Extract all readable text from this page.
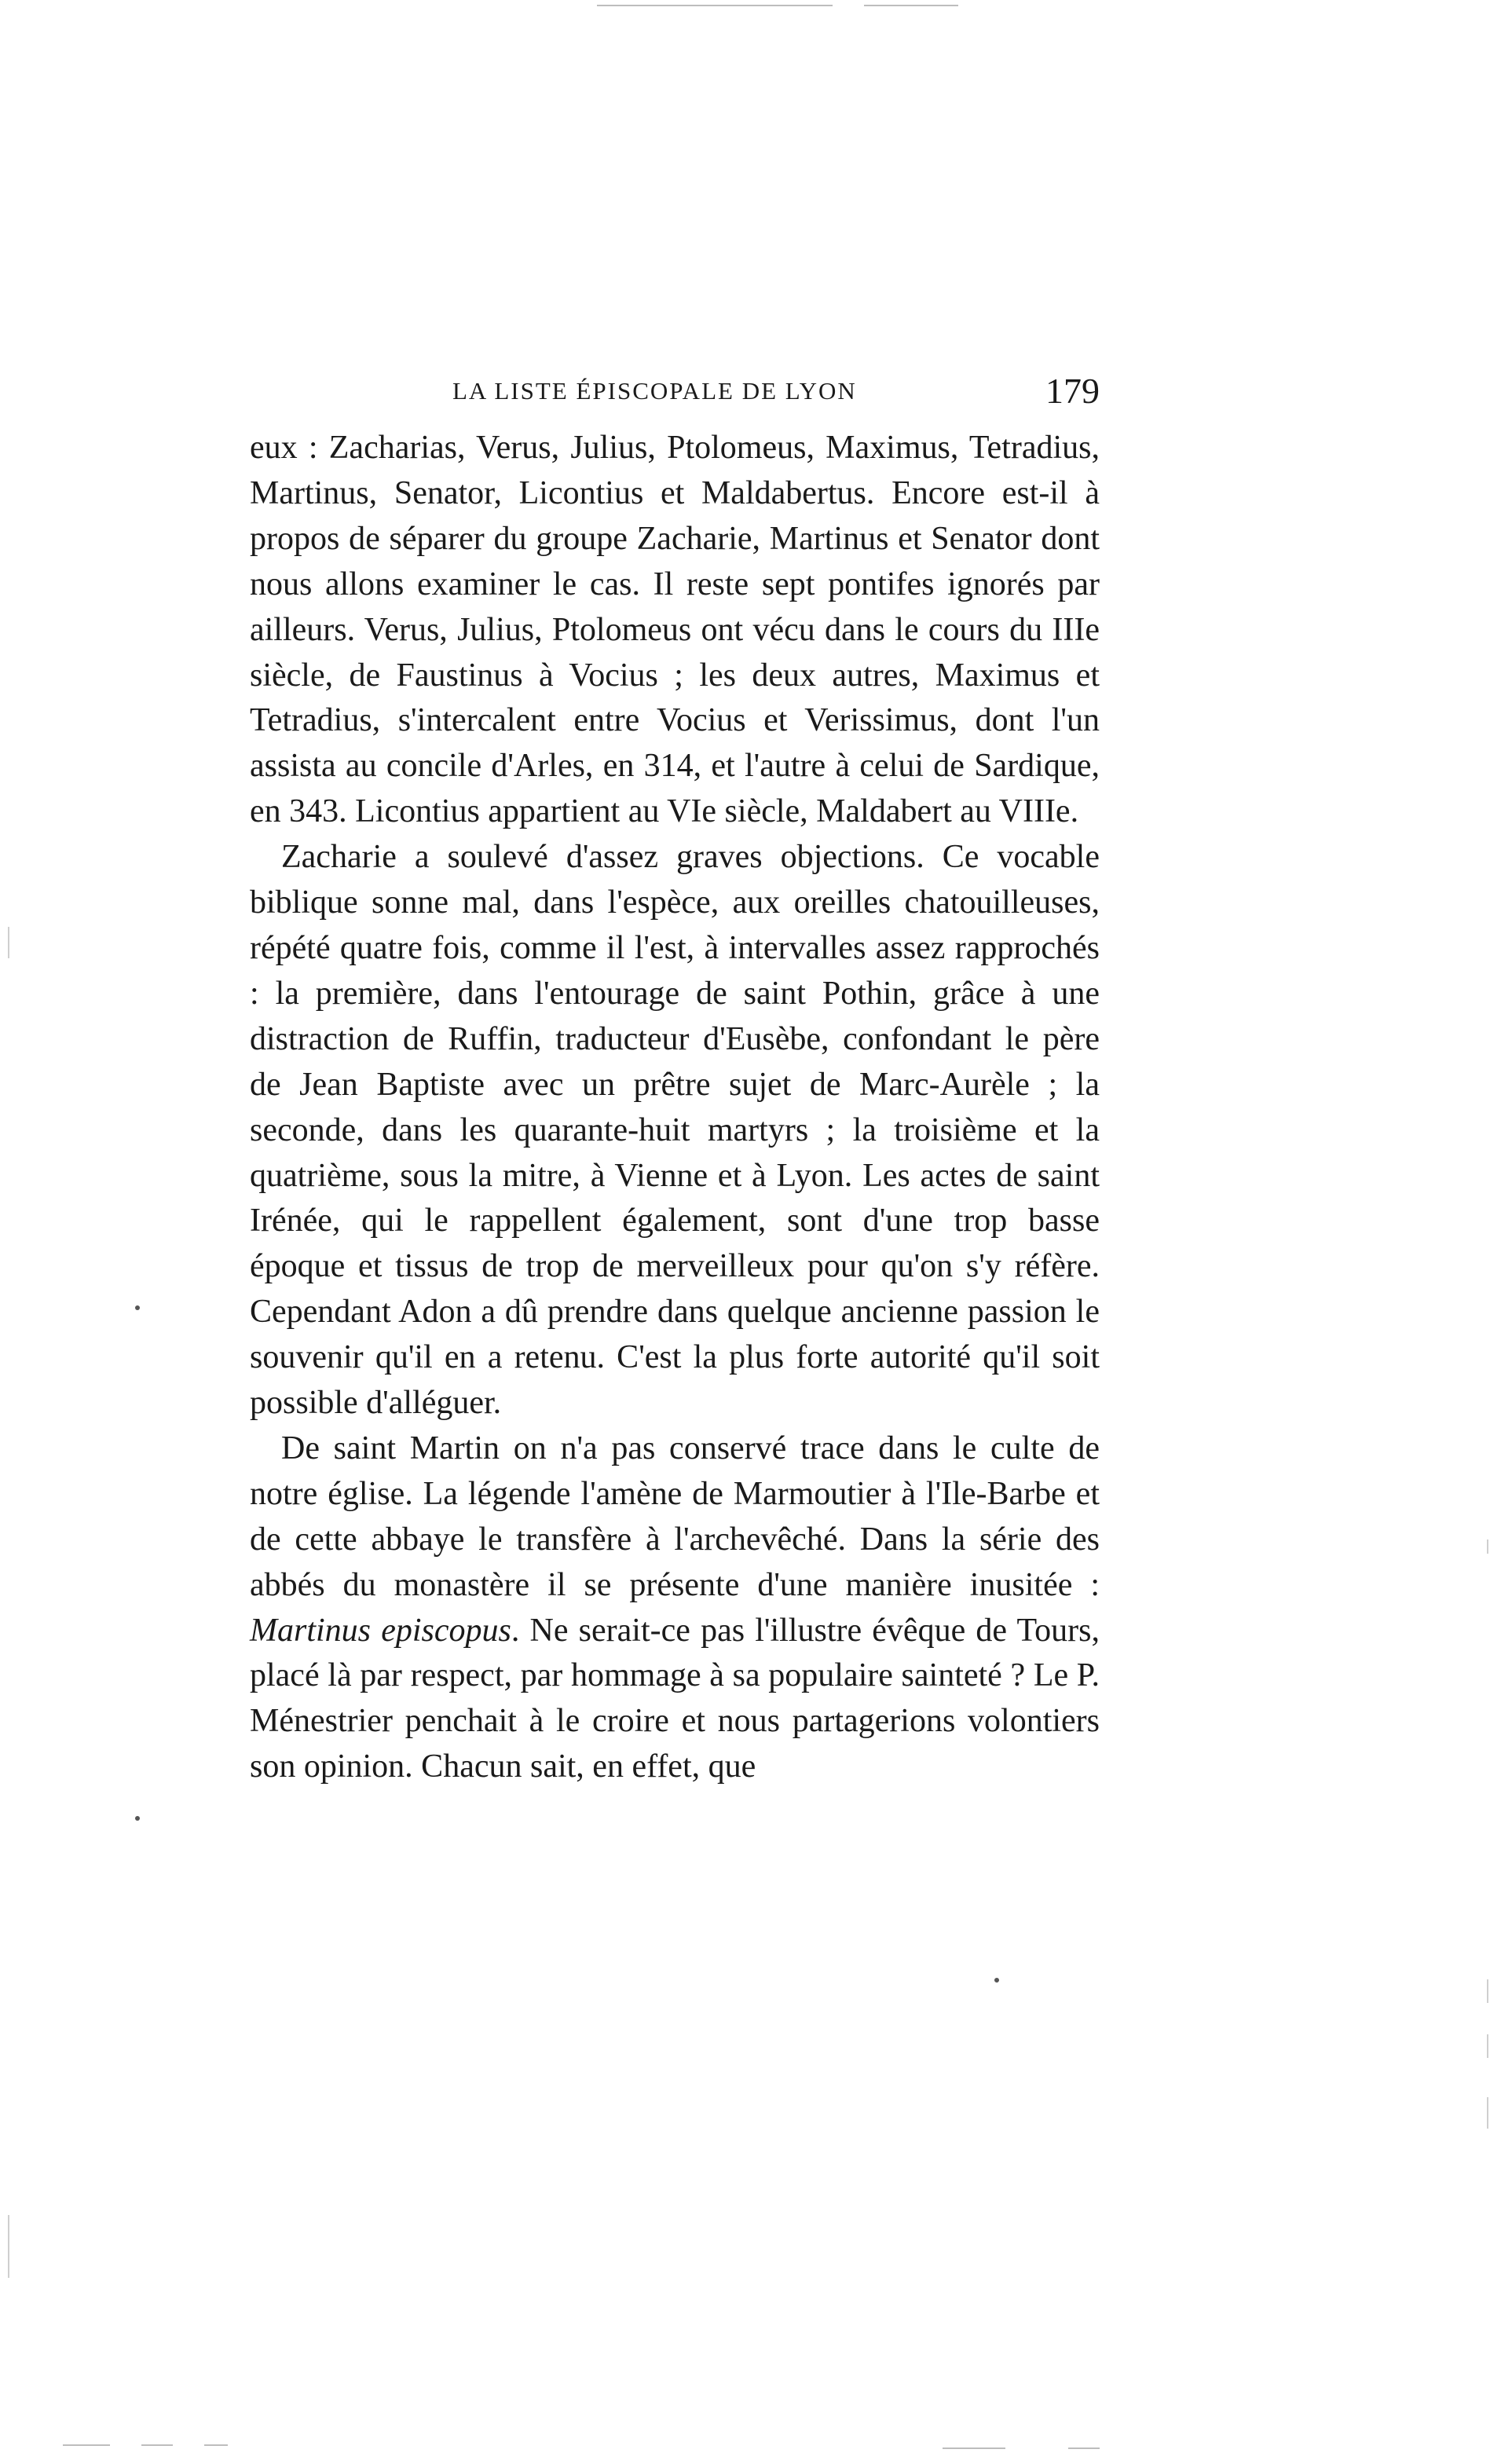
LA LISTE ÉPISCOPALE DE LYON	179

eux : Zacharias, Verus, Julius, Ptolomeus, Maximus, Tetradius, Martinus, Senator, Licontius et Maldabertus. Encore est-il à propos de séparer du groupe Zacharie, Martinus et Senator dont nous allons examiner le cas. Il reste sept pontifes ignorés par ailleurs. Verus, Julius, Ptolomeus ont vécu dans le cours du IIIe siècle, de Faustinus à Vocius ; les deux autres, Maximus et Tetradius, s'intercalent entre Vocius et Verissimus, dont l'un assista au concile d'Arles, en 314, et l'autre à celui de Sardique, en 343. Licontius appartient au VIe siècle, Maldabert au VIIIe.

Zacharie a soulevé d'assez graves objections. Ce vocable biblique sonne mal, dans l'espèce, aux oreilles chatouilleuses, répété quatre fois, comme il l'est, à intervalles assez rapprochés : la première, dans l'entourage de saint Pothin, grâce à une distraction de Ruffin, traducteur d'Eusèbe, confondant le père de Jean Baptiste avec un prêtre sujet de Marc-Aurèle ; la seconde, dans les quarante-huit martyrs ; la troisième et la quatrième, sous la mitre, à Vienne et à Lyon. Les actes de saint Irénée, qui le rappellent également, sont d'une trop basse époque et tissus de trop de merveilleux pour qu'on s'y réfère. Cependant Adon a dû prendre dans quelque ancienne passion le souvenir qu'il en a retenu. C'est la plus forte autorité qu'il soit possible d'alléguer.

De saint Martin on n'a pas conservé trace dans le culte de notre église. La légende l'amène de Marmoutier à l'Ile-Barbe et de cette abbaye le transfère à l'archevêché. Dans la série des abbés du monastère il se présente d'une manière inusitée : Martinus episcopus. Ne serait-ce pas l'illustre évêque de Tours, placé là par respect, par hommage à sa populaire sainteté ? Le P. Ménestrier penchait à le croire et nous partagerions volontiers son opinion. Chacun sait, en effet, que
